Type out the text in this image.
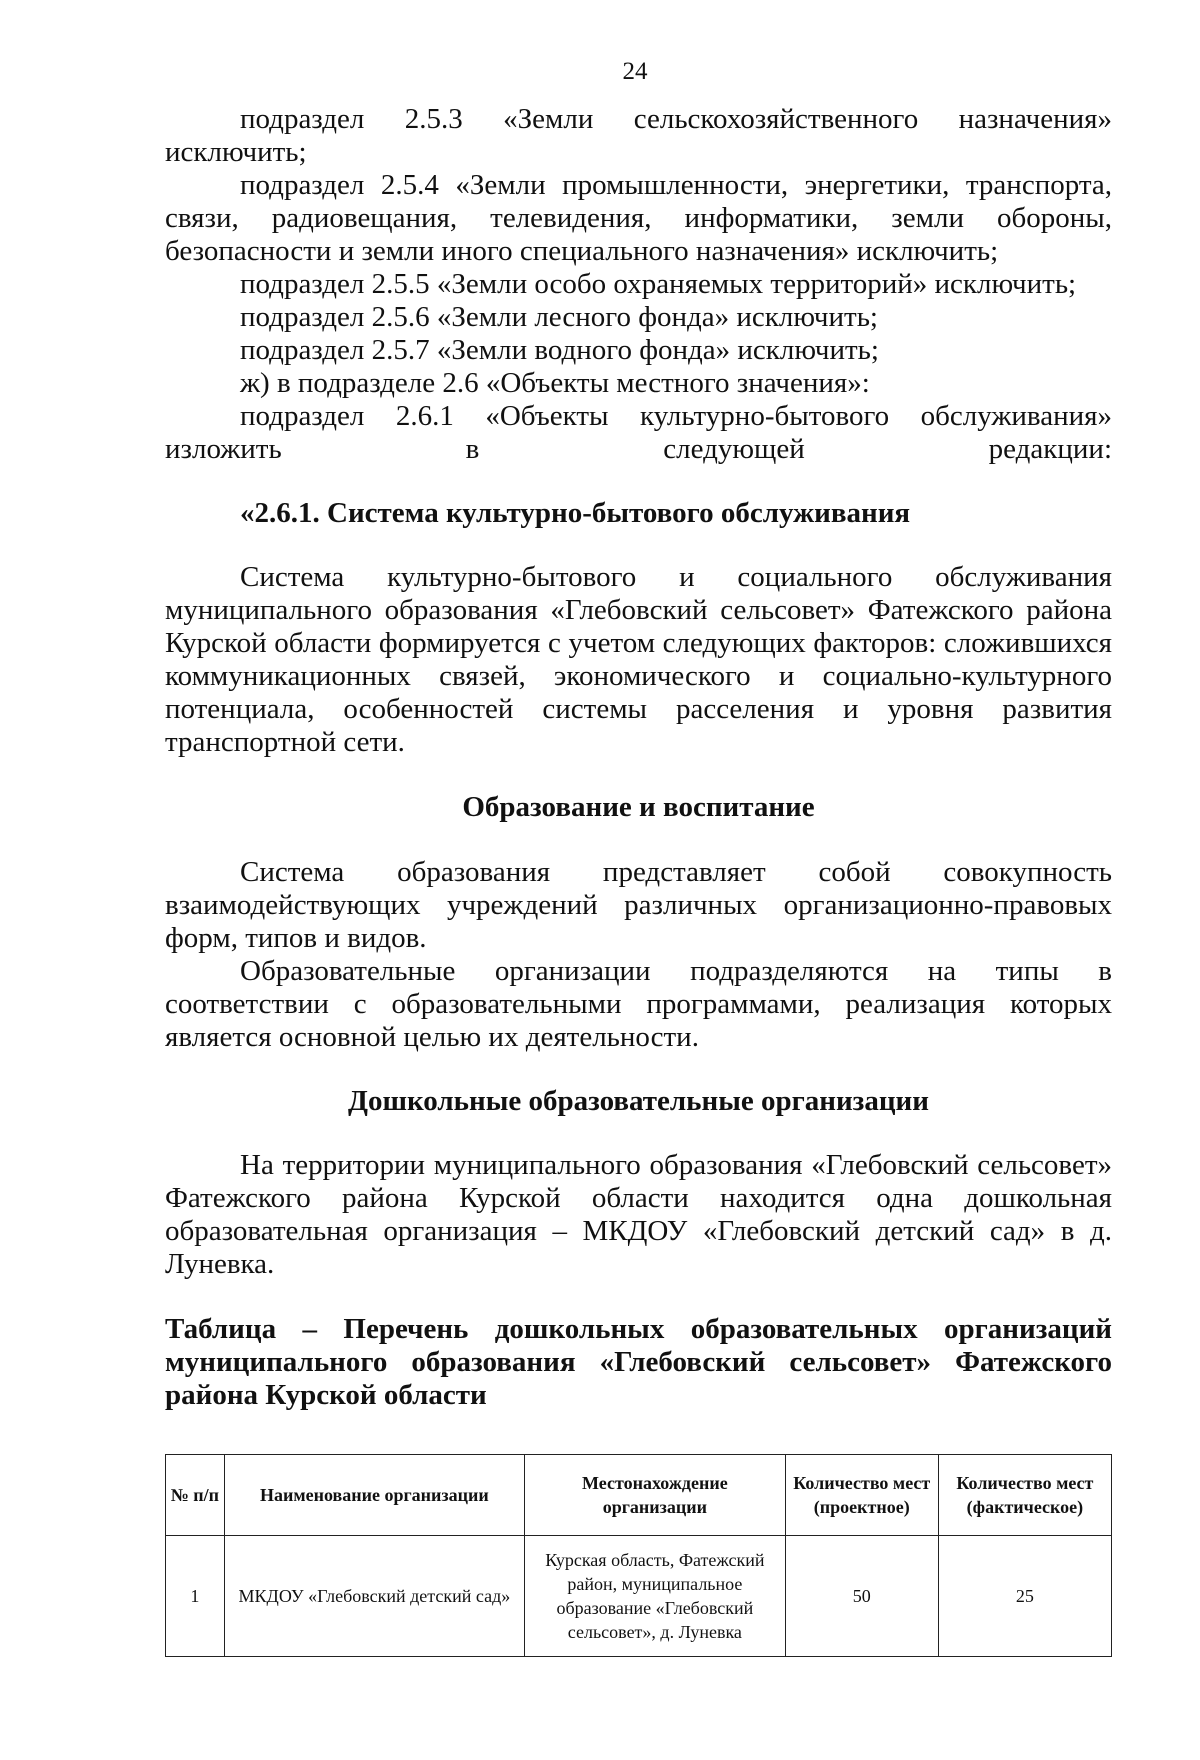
24

подраздел 2.5.3 «Земли сельскохозяйственного назначения» исключить;

подраздел 2.5.4 «Земли промышленности, энергетики, транспорта, связи, радиовещания, телевидения, информатики, земли обороны, безопасности и земли иного специального назначения» исключить;

подраздел 2.5.5 «Земли особо охраняемых территорий» исключить;

подраздел 2.5.6 «Земли лесного фонда» исключить;

подраздел 2.5.7 «Земли водного фонда» исключить;

ж) в подразделе 2.6 «Объекты местного значения»:

подраздел 2.6.1 «Объекты культурно-бытового обслуживания» изложить в следующей редакции:

«2.6.1. Система культурно-бытового обслуживания

Система культурно-бытового и социального обслуживания муниципального образования «Глебовский сельсовет» Фатежского района Курской области формируется с учетом следующих факторов: сложившихся коммуникационных связей, экономического и социально-культурного потенциала, особенностей системы расселения и уровня развития транспортной сети.

Образование и воспитание

Система образования представляет собой совокупность взаимодействующих учреждений различных организационно-правовых форм, типов и видов.

Образовательные организации подразделяются на типы в соответствии с образовательными программами, реализация которых является основной целью их деятельности.

Дошкольные образовательные организации

На территории муниципального образования «Глебовский сельсовет» Фатежского района Курской области находится одна дошкольная образовательная организация – МКДОУ «Глебовский детский сад» в д. Луневка.

Таблица – Перечень дошкольных образовательных организаций муниципального образования «Глебовский сельсовет» Фатежского района Курской области

№ п/п	Наименование организации	Местонахождение организации	Количество мест (проектное)	Количество мест (фактическое)
1	МКДОУ «Глебовский детский сад»	Курская область, Фатежский район, муниципальное образование «Глебовский сельсовет», д. Луневка	50	25
